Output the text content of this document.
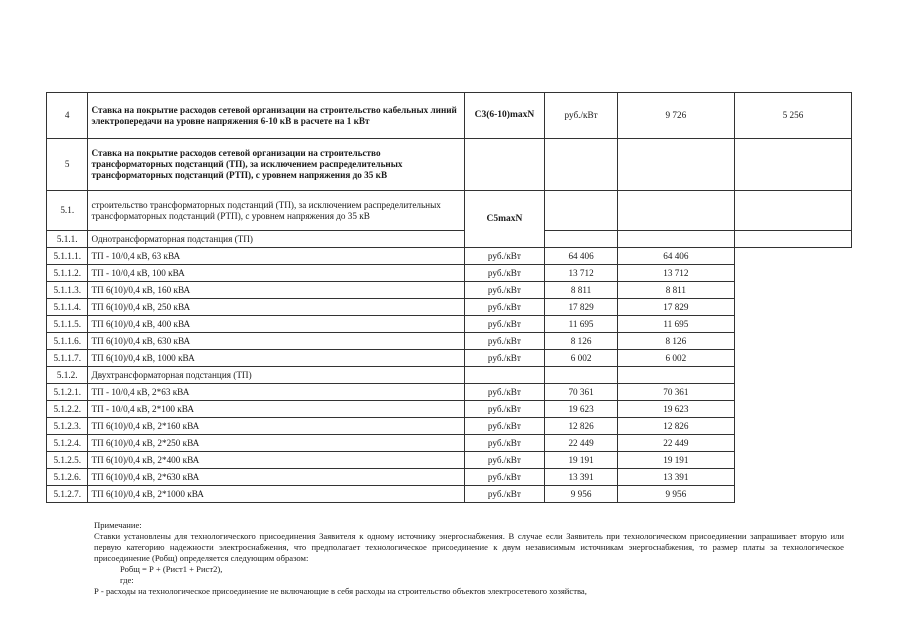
4	Ставка на покрытие расходов сетевой организации на строительство кабельных линий электропередачи на уровне напряжения 6-10 кВ в расчете на 1 кВт	С3(6-10)maxN	руб./кВт	9 726	5 256
5	Ставка на покрытие расходов сетевой организации на строительство трансформаторных подстанций (ТП), за исключением распределительных трансформаторных подстанций (РТП), с уровнем напряжения до 35 кВ				
5.1.	строительство трансформаторных подстанций (ТП), за исключением распределительных трансформаторных подстанций (РТП), с уровнем напряжения до 35 кВ	С5maxN			
5.1.1.	Однотрансформаторная подстанция (ТП)				
5.1.1.1.	ТП - 10/0,4 кВ, 63 кВА	руб./кВт	64 406	64 406	
5.1.1.2.	ТП - 10/0,4 кВ, 100 кВА	руб./кВт	13 712	13 712	
5.1.1.3.	ТП 6(10)/0,4 кВ, 160 кВА	руб./кВт	8 811	8 811	
5.1.1.4.	ТП 6(10)/0,4 кВ, 250 кВА	руб./кВт	17 829	17 829	
5.1.1.5.	ТП 6(10)/0,4 кВ, 400 кВА	руб./кВт	11 695	11 695	
5.1.1.6.	ТП 6(10)/0,4 кВ, 630 кВА	руб./кВт	8 126	8 126	
5.1.1.7.	ТП 6(10)/0,4 кВ, 1000 кВА	руб./кВт	6 002	6 002	
5.1.2.	Двухтрансформаторная подстанция (ТП)				
5.1.2.1.	ТП - 10/0,4 кВ, 2*63 кВА	руб./кВт	70 361	70 361	
5.1.2.2.	ТП - 10/0,4 кВ, 2*100 кВА	руб./кВт	19 623	19 623	
5.1.2.3.	ТП 6(10)/0,4 кВ, 2*160 кВА	руб./кВт	12 826	12 826	
5.1.2.4.	ТП 6(10)/0,4 кВ, 2*250 кВА	руб./кВт	22 449	22 449	
5.1.2.5.	ТП 6(10)/0,4 кВ, 2*400 кВА	руб./кВт	19 191	19 191	
5.1.2.6.	ТП 6(10)/0,4 кВ, 2*630 кВА	руб./кВт	13 391	13 391	
5.1.2.7.	ТП 6(10)/0,4 кВ, 2*1000 кВА	руб./кВт	9 956	9 956	

Примечание:

Ставки установлены для технологического присоединения Заявителя к одному источнику энергоснабжения. В случае если Заявитель при технологическом присоединении запрашивает вторую или первую категорию надежности электроснабжения, что предполагает технологическое присоединение к двум независимым источникам энергоснабжения, то размер платы за технологическое присоединение (Робщ) определяется следующим образом:

Робщ = Р + (Рист1 + Рист2),

где:

Р - расходы на технологическое присоединение не включающие в себя расходы на строительство объектов электросетевого хозяйства,
